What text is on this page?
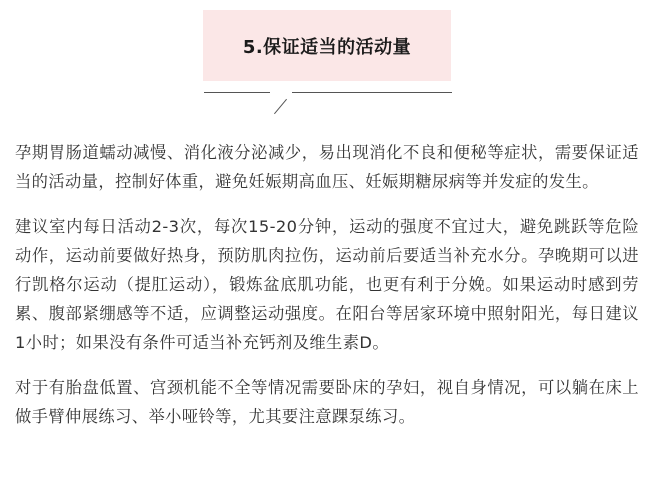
5.保证适当的活动量

孕期胃肠道蠕动减慢、消化液分泌减少，易出现消化不良和便秘等症状，需要保证适当的活动量，控制好体重，避免妊娠期高血压、妊娠期糖尿病等并发症的发生。

建议室内每日活动2-3次，每次15-20分钟，运动的强度不宜过大，避免跳跃等危险动作，运动前要做好热身，预防肌肉拉伤，运动前后要适当补充水分。孕晚期可以进行凯格尔运动（提肛运动），锻炼盆底肌功能，也更有利于分娩。如果运动时感到劳累、腹部紧绷感等不适，应调整运动强度。在阳台等居家环境中照射阳光，每日建议1小时；如果没有条件可适当补充钙剂及维生素D。

对于有胎盘低置、宫颈机能不全等情况需要卧床的孕妇，视自身情况，可以躺在床上做手臂伸展练习、举小哑铃等，尤其要注意踝泵练习。
